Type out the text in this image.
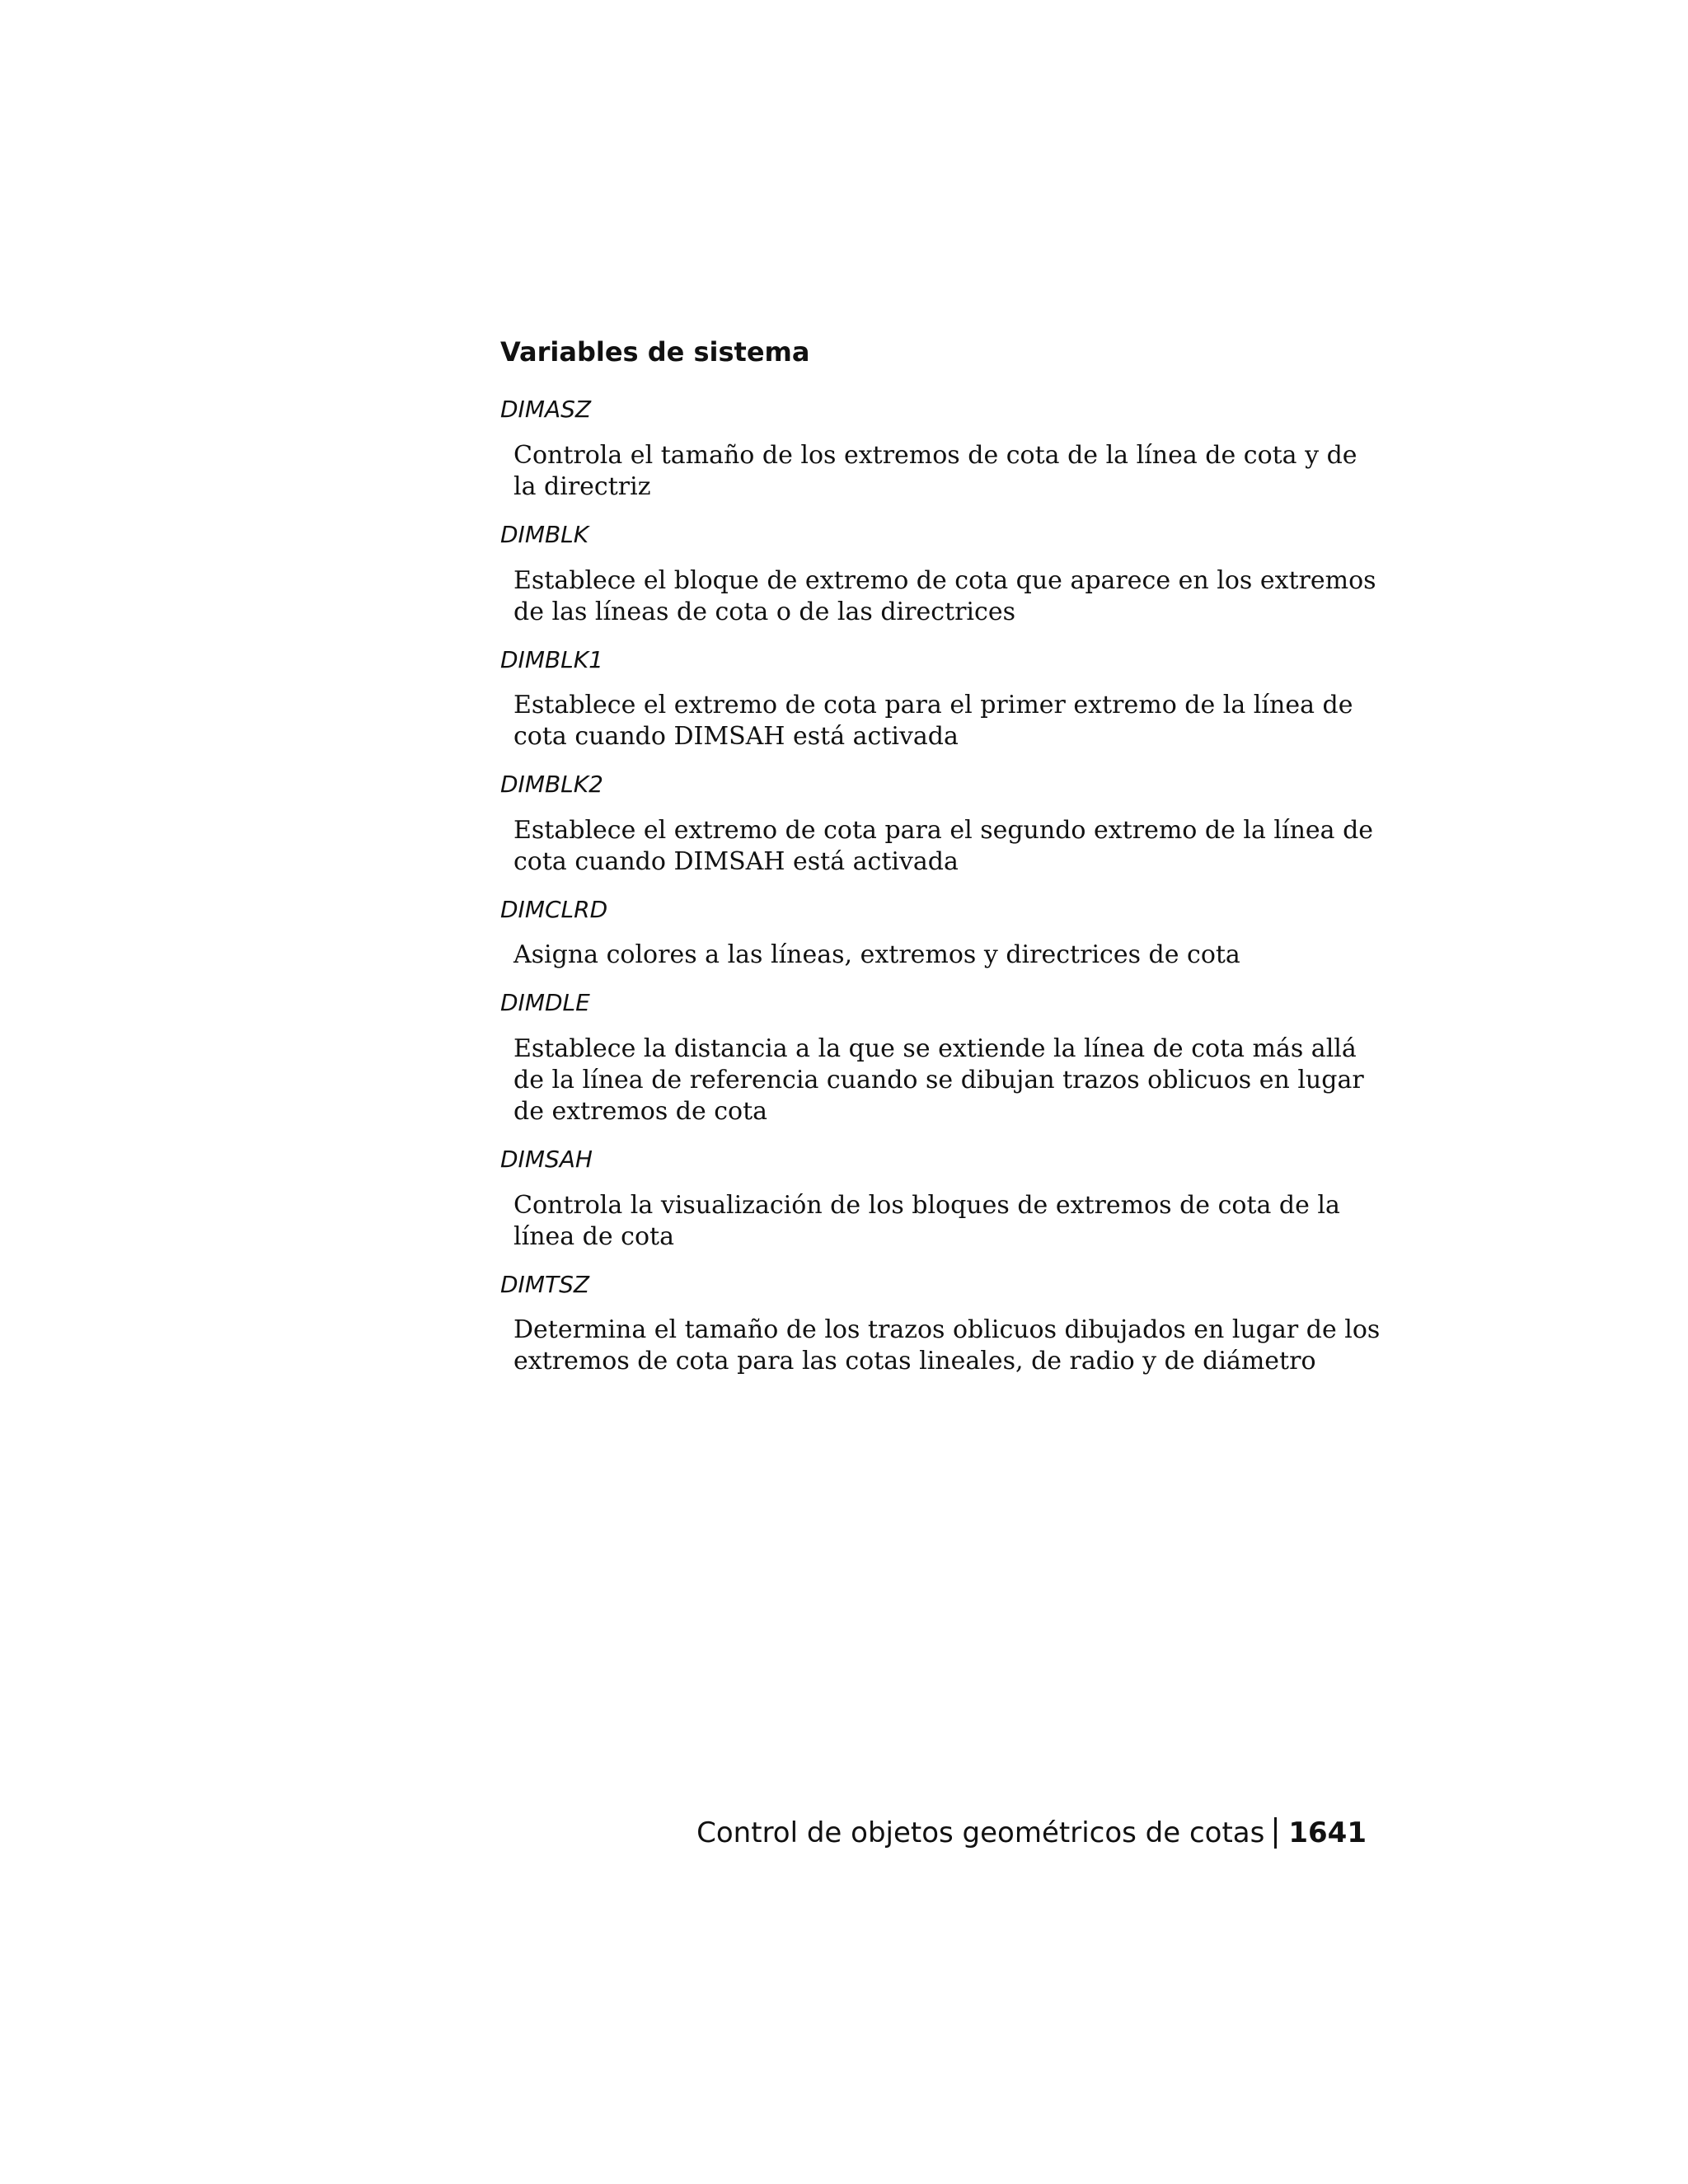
Variables de sistema
DIMASZ
Controla el tamaño de los extremos de cota de la línea de cota y de la directriz
DIMBLK
Establece el bloque de extremo de cota que aparece en los extremos de las líneas de cota o de las directrices
DIMBLK1
Establece el extremo de cota para el primer extremo de la línea de cota cuando DIMSAH está activada
DIMBLK2
Establece el extremo de cota para el segundo extremo de la línea de cota cuando DIMSAH está activada
DIMCLRD
Asigna colores a las líneas, extremos y directrices de cota
DIMDLE
Establece la distancia a la que se extiende la línea de cota más allá de la línea de referencia cuando se dibujan trazos oblicuos en lugar de extremos de cota
DIMSAH
Controla la visualización de los bloques de extremos de cota de la línea de cota
DIMTSZ
Determina el tamaño de los trazos oblicuos dibujados en lugar de los extremos de cota para las cotas lineales, de radio y de diámetro
Control de objetos geométricos de cotas 1641
